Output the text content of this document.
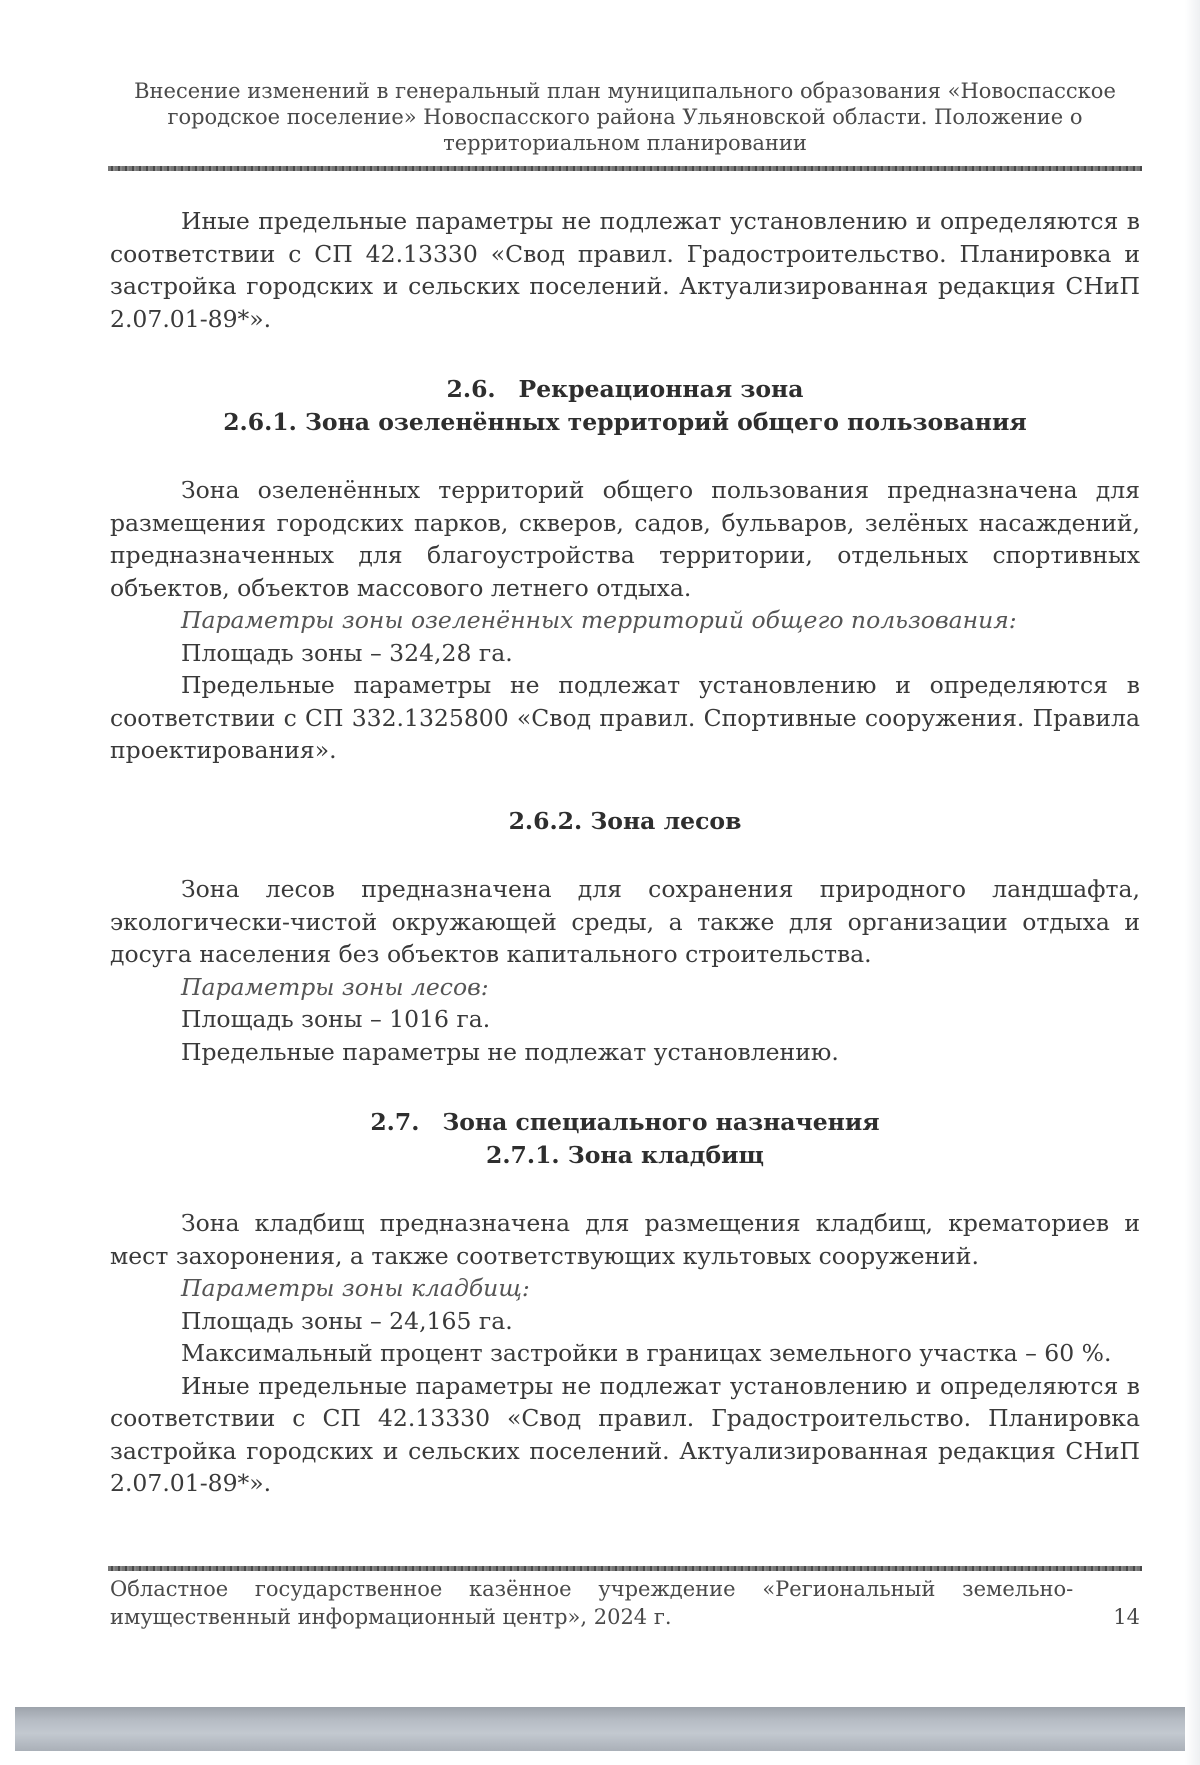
Внесение изменений в генеральный план муниципального образования «Новоспасское городское поселение» Новоспасского района Ульяновской области. Положение о территориальном планировании

Иные предельные параметры не подлежат установлению и определяются в соответствии с СП 42.13330 «Свод правил. Градостроительство. Планировка и застройка городских и сельских поселений. Актуализированная редакция СНиП 2.07.01-89*».

2.6. Рекреационная зона
2.6.1. Зона озеленённых территорий общего пользования

Зона озеленённых территорий общего пользования предназначена для размещения городских парков, скверов, садов, бульваров, зелёных насаждений, предназначенных для благоустройства территории, отдельных спортивных объектов, объектов массового летнего отдыха.

Параметры зоны озеленённых территорий общего пользования:

Площадь зоны – 324,28 га.

Предельные параметры не подлежат установлению и определяются в соответствии с СП 332.1325800 «Свод правил. Спортивные сооружения. Правила проектирования».

2.6.2. Зона лесов

Зона лесов предназначена для сохранения природного ландшафта, экологически-чистой окружающей среды, а также для организации отдыха и досуга населения без объектов капитального строительства.

Параметры зоны лесов:

Площадь зоны – 1016 га.

Предельные параметры не подлежат установлению.

2.7. Зона специального назначения
2.7.1. Зона кладбищ

Зона кладбищ предназначена для размещения кладбищ, крематориев и мест захоронения, а также соответствующих культовых сооружений.

Параметры зоны кладбищ:

Площадь зоны – 24,165 га.

Максимальный процент застройки в границах земельного участка – 60 %.

Иные предельные параметры не подлежат установлению и определяются в соответствии с СП 42.13330 «Свод правил. Градостроительство. Планировка застройка городских и сельских поселений. Актуализированная редакция СНиП 2.07.01-89*».

Областное государственное казённое учреждение «Региональный земельно-имущественный информационный центр», 2024 г.	14
